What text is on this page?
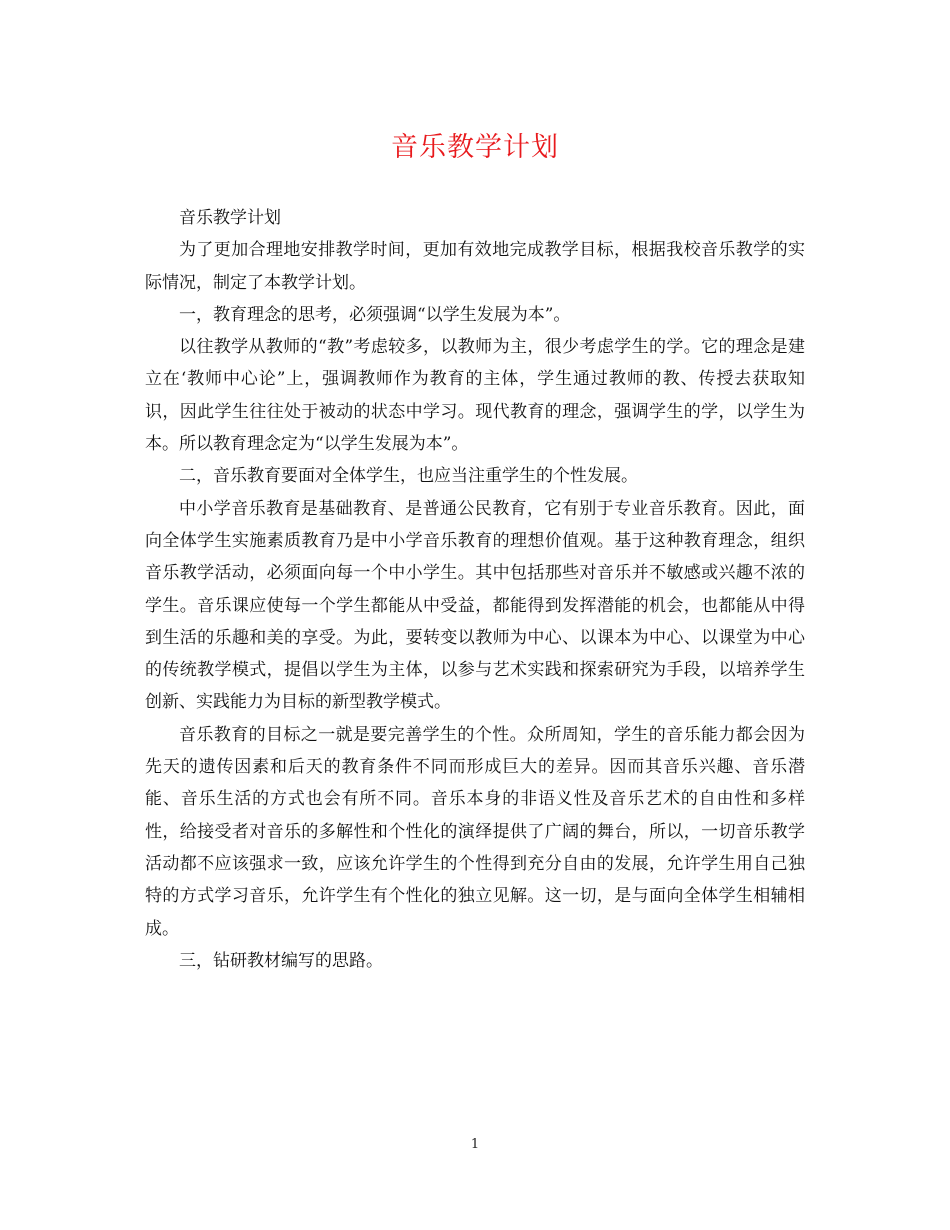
音乐教学计划

音乐教学计划

为了更加合理地安排教学时间，更加有效地完成教学目标，根据我校音乐教学的实际情况，制定了本教学计划。

一，教育理念的思考，必须强调“以学生发展为本”。

以往教学从教师的“教”考虑较多，以教师为主，很少考虑学生的学。它的理念是建立在‘教师中心论”上，强调教师作为教育的主体，学生通过教师的教、传授去获取知识，因此学生往往处于被动的状态中学习。现代教育的理念，强调学生的学，以学生为本。所以教育理念定为“以学生发展为本”。

二，音乐教育要面对全体学生，也应当注重学生的个性发展。

中小学音乐教育是基础教育、是普通公民教育，它有别于专业音乐教育。因此，面向全体学生实施素质教育乃是中小学音乐教育的理想价值观。基于这种教育理念，组织音乐教学活动，必须面向每一个中小学生。其中包括那些对音乐并不敏感或兴趣不浓的学生。音乐课应使每一个学生都能从中受益，都能得到发挥潜能的机会，也都能从中得到生活的乐趣和美的享受。为此，要转变以教师为中心、以课本为中心、以课堂为中心的传统教学模式，提倡以学生为主体，以参与艺术实践和探索研究为手段，以培养学生创新、实践能力为目标的新型教学模式。

音乐教育的目标之一就是要完善学生的个性。众所周知，学生的音乐能力都会因为先天的遗传因素和后天的教育条件不同而形成巨大的差异。因而其音乐兴趣、音乐潜能、音乐生活的方式也会有所不同。音乐本身的非语义性及音乐艺术的自由性和多样性，给接受者对音乐的多解性和个性化的演绎提供了广阔的舞台，所以，一切音乐教学活动都不应该强求一致，应该允许学生的个性得到充分自由的发展，允许学生用自己独特的方式学习音乐，允许学生有个性化的独立见解。这一切，是与面向全体学生相辅相成。

三，钻研教材编写的思路。

1
